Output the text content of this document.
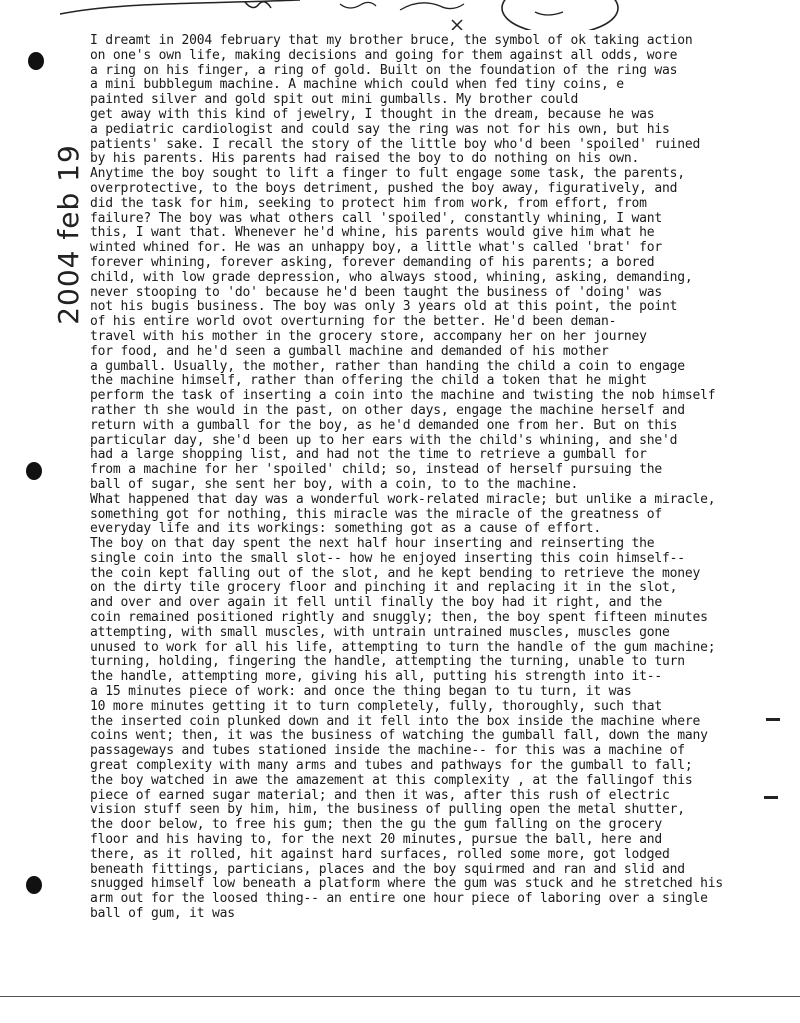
2004 feb 19
I dreamt in 2004 february that my brother bruce, the symbol of ok taking action
on one's own life, making decisions and going for them against all odds, wore
a ring on his finger, a ring of gold. Built on the foundation of the ring was
a mini bubblegum machine. A machine which could when fed tiny coins, e
painted silver and gold spit out mini gumballs. My brother could
get away with this kind of jewelry, I thought in the dream, because he was
a pediatric cardiologist and could say the ring was not for his own, but his
patients' sake. I recall the story of the little boy who'd been 'spoiled' ruined
by his parents. His parents had raised the boy to do nothing on his own.
Anytime the boy sought to lift a finger to fult engage some task, the parents,
overprotective, to the boys detriment, pushed the boy away, figuratively, and
did the task for him, seeking to protect him from work, from effort, from
failure? The boy was what others call 'spoiled', constantly whining, I want
this, I want that. Whenever he'd whine, his parents would give him what he
winted whined for. He was an unhappy boy, a little what's called 'brat' for
forever whining, forever asking, forever demanding of his parents; a bored
child, with low grade depression, who always stood, whining, asking, demanding,
never stooping to 'do' because he'd been taught the business of 'doing' was
not his bugis business. The boy was only 3 years old at this point, the point
of his entire world ovot overturning for the better. He'd been deman-
travel with his mother in the grocery store, accompany her on her journey
for food, and he'd seen a gumball machine and demanded of his mother
a gumball. Usually, the mother, rather than handing the child a coin to engage
the machine himself, rather than offering the child a token that he might
perform the task of inserting a coin into the machine and twisting the nob himself
rather th she would in the past, on other days, engage the machine herself and
return with a gumball for the boy, as he'd demanded one from her. But on this
particular day, she'd been up to her ears with the child's whining, and she'd
had a large shopping list, and had not the time to retrieve a gumball for
from a machine for her 'spoiled' child; so, instead of herself pursuing the
ball of sugar, she sent her boy, with a coin, to to the machine.
What happened that day was a wonderful work-related miracle; but unlike a miracle,
something got for nothing, this miracle was the miracle of the greatness of
everyday life and its workings: something got as a cause of effort.
The boy on that day spent the next half hour inserting and reinserting the
single coin into the small slot-- how he enjoyed inserting this coin himself--
the coin kept falling out of the slot, and he kept bending to retrieve the money
on the dirty tile grocery floor and pinching it and replacing it in the slot,
and over and over again it fell until finally the boy had it right, and the
coin remained positioned rightly and snuggly; then, the boy spent fifteen minutes
attempting, with small muscles, with untrain untrained muscles, muscles gone
unused to work for all his life, attempting to turn the handle of the gum machine;
turning, holding, fingering the handle, attempting the turning, unable to turn
the handle, attempting more, giving his all, putting his strength into it--
a 15 minutes piece of work: and once the thing began to tu turn, it was
10 more minutes getting it to turn completely, fully, thoroughly, such that
the inserted coin plunked down and it fell into the box inside the machine where
coins went; then, it was the business of watching the gumball fall, down the many
passageways and tubes stationed inside the machine-- for this was a machine of
great complexity with many arms and tubes and pathways for the gumball to fall;
the boy watched in awe the amazement at this complexity , at the fallingof this
piece of earned sugar material; and then it was, after this rush of electric
vision stuff seen by him, him, the business of pulling open the metal shutter,
the door below, to free his gum; then the gu the gum falling on the grocery
floor and his having to, for the next 20 minutes, pursue the ball, here and
there, as it rolled, hit against hard surfaces, rolled some more, got lodged
beneath fittings, particians, places and the boy squirmed and ran and slid and
snugged himself low beneath a platform where the gum was stuck and he stretched his
arm out for the loosed thing-- an entire one hour piece of laboring over a single
ball of gum, it was
